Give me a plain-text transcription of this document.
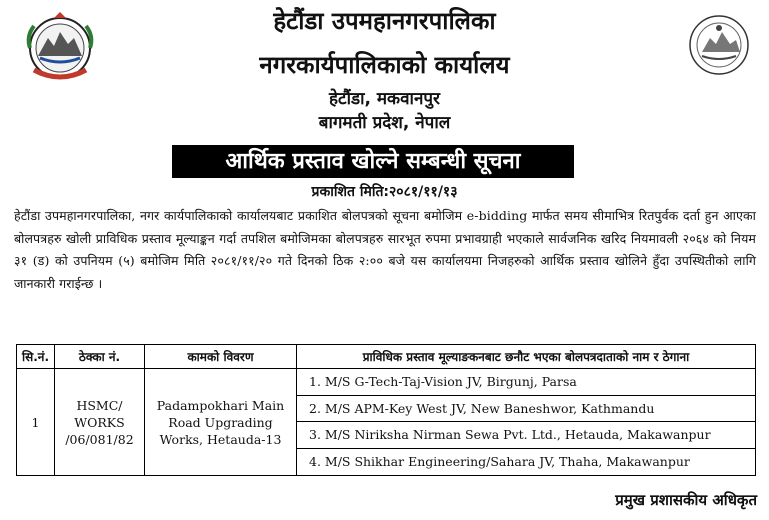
हेटौंडा उपमहानगरपालिका
नगरकार्यपालिकाको कार्यालय
हेटौंडा, मकवानपुर
बागमती प्रदेश, नेपाल
आर्थिक प्रस्ताव खोल्ने सम्बन्धी सूचना
प्रकाशित मिति:२०८१/११/१३
हेटौंडा उपमहानगरपालिका, नगर कार्यपालिकाको कार्यालयबाट प्रकाशित बोलपत्रको सूचना बमोजिम e-bidding मार्फत समय सीमाभित्र रितपुर्वक दर्ता हुन आएका बोलपत्रहरु खोली प्राविधिक प्रस्ताव मूल्याङ्कन गर्दा तपशिल बमोजिमका बोलपत्रहरु सारभूत रुपमा प्रभावग्राही भएकाले सार्वजनिक खरिद नियमावली २०६४ को नियम ३१ (ड) को उपनियम (५) बमोजिम मिति २०८१/११/२० गते दिनको ठिक २:०० बजे यस कार्यालयमा निजहरुको आर्थिक प्रस्ताव खोलिने हुँदा उपस्थितीको लागि जानकारी गराईन्छ ।
सि.नं.	ठेक्का नं.	कामको विवरण	प्राविधिक प्रस्ताव मूल्याङकनबाट छनौट भएका बोलपत्रदाताको नाम र ठेगाना
1	HSMC/ WORKS /06/081/82	Padampokhari Main Road Upgrading Works, Hetauda-13	1. M/S G-Tech-Taj-Vision JV, Birgunj, Parsa
2. M/S APM-Key West JV, New Baneshwor, Kathmandu
3. M/S Niriksha Nirman Sewa Pvt. Ltd., Hetauda, Makawanpur
4. M/S Shikhar Engineering/Sahara JV, Thaha, Makawanpur
प्रमुख प्रशासकीय अधिकृत
